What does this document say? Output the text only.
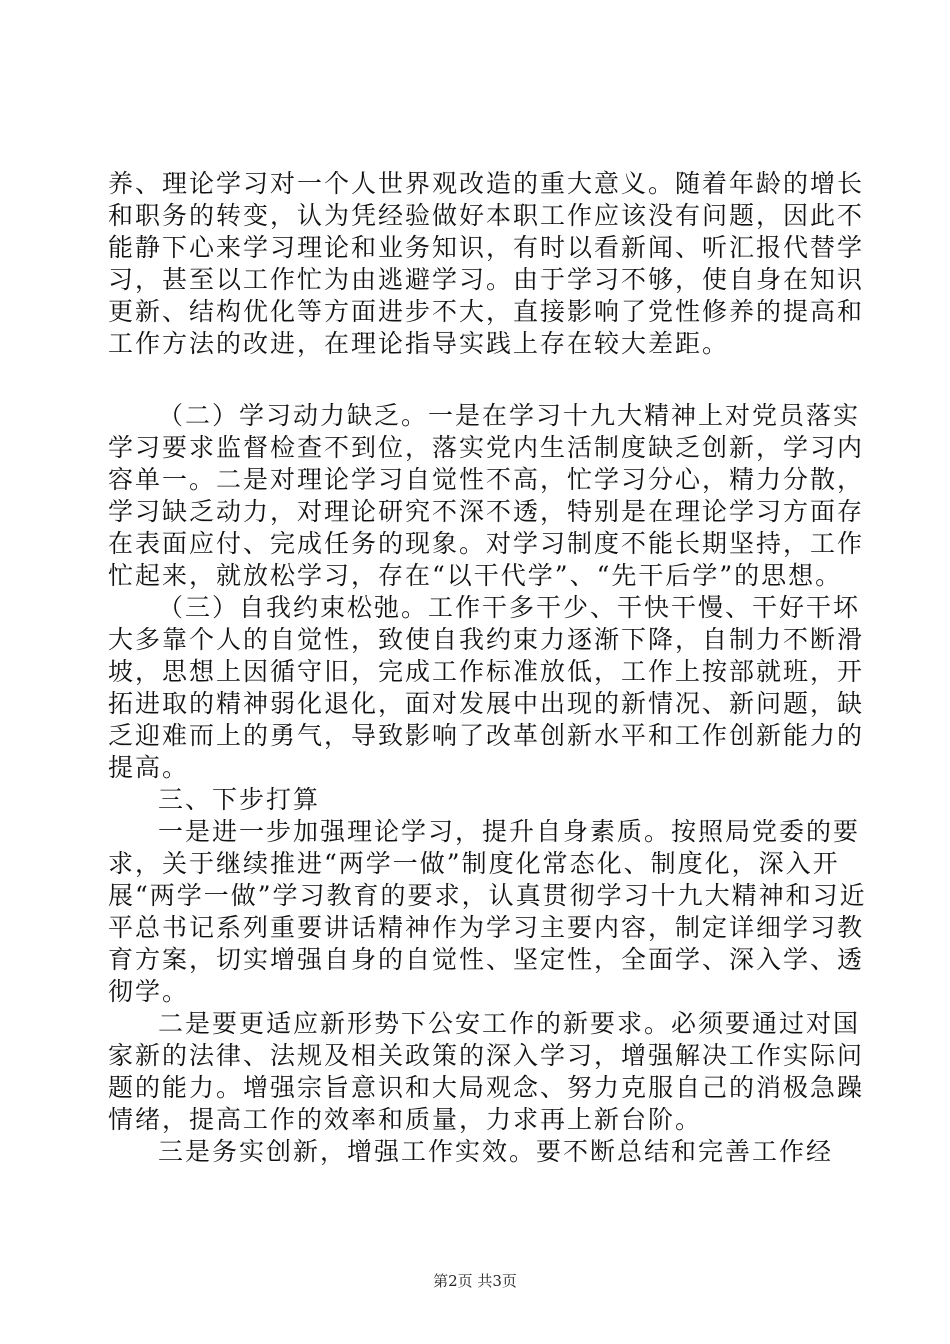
养、理论学习对一个人世界观改造的重大意义。随着年龄的增长和职务的转变，认为凭经验做好本职工作应该没有问题，因此不能静下心来学习理论和业务知识，有时以看新闻、听汇报代替学习，甚至以工作忙为由逃避学习。由于学习不够，使自身在知识更新、结构优化等方面进步不大，直接影响了党性修养的提高和工作方法的改进，在理论指导实践上存在较大差距。

（二）学习动力缺乏。一是在学习十九大精神上对党员落实学习要求监督检查不到位，落实党内生活制度缺乏创新，学习内容单一。二是对理论学习自觉性不高，忙学习分心，精力分散，学习缺乏动力，对理论研究不深不透，特别是在理论学习方面存在表面应付、完成任务的现象。对学习制度不能长期坚持，工作忙起来，就放松学习，存在“以干代学”、“先干后学”的思想。

（三）自我约束松弛。工作干多干少、干快干慢、干好干坏大多靠个人的自觉性，致使自我约束力逐渐下降，自制力不断滑坡，思想上因循守旧，完成工作标准放低，工作上按部就班，开拓进取的精神弱化退化，面对发展中出现的新情况、新问题，缺乏迎难而上的勇气，导致影响了改革创新水平和工作创新能力的提高。

三、下步打算

一是进一步加强理论学习，提升自身素质。按照局党委的要求，关于继续推进“两学一做”制度化常态化、制度化，深入开展“两学一做”学习教育的要求，认真贯彻学习十九大精神和习近平总书记系列重要讲话精神作为学习主要内容，制定详细学习教育方案，切实增强自身的自觉性、坚定性，全面学、深入学、透彻学。

二是要更适应新形势下公安工作的新要求。必须要通过对国家新的法律、法规及相关政策的深入学习，增强解决工作实际问题的能力。增强宗旨意识和大局观念、努力克服自己的消极急躁情绪，提高工作的效率和质量，力求再上新台阶。

三是务实创新，增强工作实效。要不断总结和完善工作经

第2页 共3页
